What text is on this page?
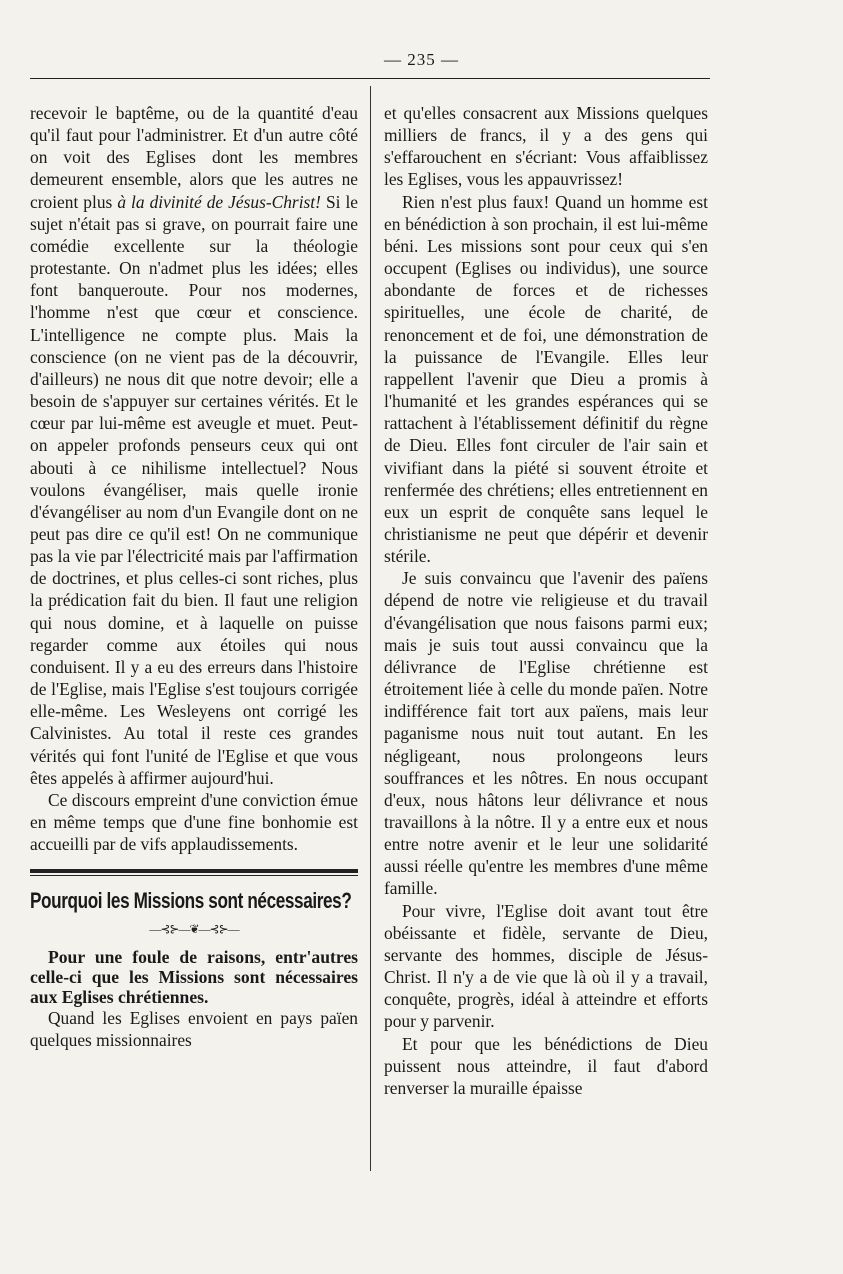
— 235 —

recevoir le baptême, ou de la quantité d'eau qu'il faut pour l'administrer. Et d'un autre côté on voit des Eglises dont les membres demeurent ensemble, alors que les autres ne croient plus à la divinité de Jésus-Christ! Si le sujet n'était pas si grave, on pourrait faire une comédie excellente sur la théologie protestante. On n'admet plus les idées; elles font banqueroute. Pour nos modernes, l'homme n'est que cœur et conscience. L'intelligence ne compte plus. Mais la conscience (on ne vient pas de la découvrir, d'ailleurs) ne nous dit que notre devoir; elle a besoin de s'appuyer sur certaines vérités. Et le cœur par lui-même est aveugle et muet. Peut-on appeler profonds penseurs ceux qui ont abouti à ce nihilisme intellectuel? Nous voulons évangéliser, mais quelle ironie d'évangéliser au nom d'un Evangile dont on ne peut pas dire ce qu'il est! On ne communique pas la vie par l'électricité mais par l'affirmation de doctrines, et plus celles-ci sont riches, plus la prédication fait du bien. Il faut une religion qui nous domine, et à laquelle on puisse regarder comme aux étoiles qui nous conduisent. Il y a eu des erreurs dans l'histoire de l'Eglise, mais l'Eglise s'est toujours corrigée elle-même. Les Wesleyens ont corrigé les Calvinistes. Au total il reste ces grandes vérités qui font l'unité de l'Eglise et que vous êtes appelés à affirmer aujourd'hui.

Ce discours empreint d'une conviction émue en même temps que d'une fine bonhomie est accueilli par de vifs applaudissements.

Pourquoi les Missions sont nécessaires?
—⊰⊱—❦—⊰⊱—

Pour une foule de raisons, entr'autres celle-ci que les Missions sont nécessaires aux Eglises chrétiennes.

Quand les Eglises envoient en pays païen quelques missionnaires

et qu'elles consacrent aux Missions quelques milliers de francs, il y a des gens qui s'effarouchent en s'écriant: Vous affaiblissez les Eglises, vous les appauvrissez!

Rien n'est plus faux! Quand un homme est en bénédiction à son prochain, il est lui-même béni. Les missions sont pour ceux qui s'en occupent (Eglises ou individus), une source abondante de forces et de richesses spirituelles, une école de charité, de renoncement et de foi, une démonstration de la puissance de l'Evangile. Elles leur rappellent l'avenir que Dieu a promis à l'humanité et les grandes espérances qui se rattachent à l'établissement définitif du règne de Dieu. Elles font circuler de l'air sain et vivifiant dans la piété si souvent étroite et renfermée des chrétiens; elles entretiennent en eux un esprit de conquête sans lequel le christianisme ne peut que dépérir et devenir stérile.

Je suis convaincu que l'avenir des païens dépend de notre vie religieuse et du travail d'évangélisation que nous faisons parmi eux; mais je suis tout aussi convaincu que la délivrance de l'Eglise chrétienne est étroitement liée à celle du monde païen. Notre indifférence fait tort aux païens, mais leur paganisme nous nuit tout autant. En les négligeant, nous prolongeons leurs souffrances et les nôtres. En nous occupant d'eux, nous hâtons leur délivrance et nous travaillons à la nôtre. Il y a entre eux et nous entre notre avenir et le leur une solidarité aussi réelle qu'entre les membres d'une même famille.

Pour vivre, l'Eglise doit avant tout être obéissante et fidèle, servante de Dieu, servante des hommes, disciple de Jésus-Christ. Il n'y a de vie que là où il y a travail, conquête, progrès, idéal à atteindre et efforts pour y parvenir.

Et pour que les bénédictions de Dieu puissent nous atteindre, il faut d'abord renverser la muraille épaisse
